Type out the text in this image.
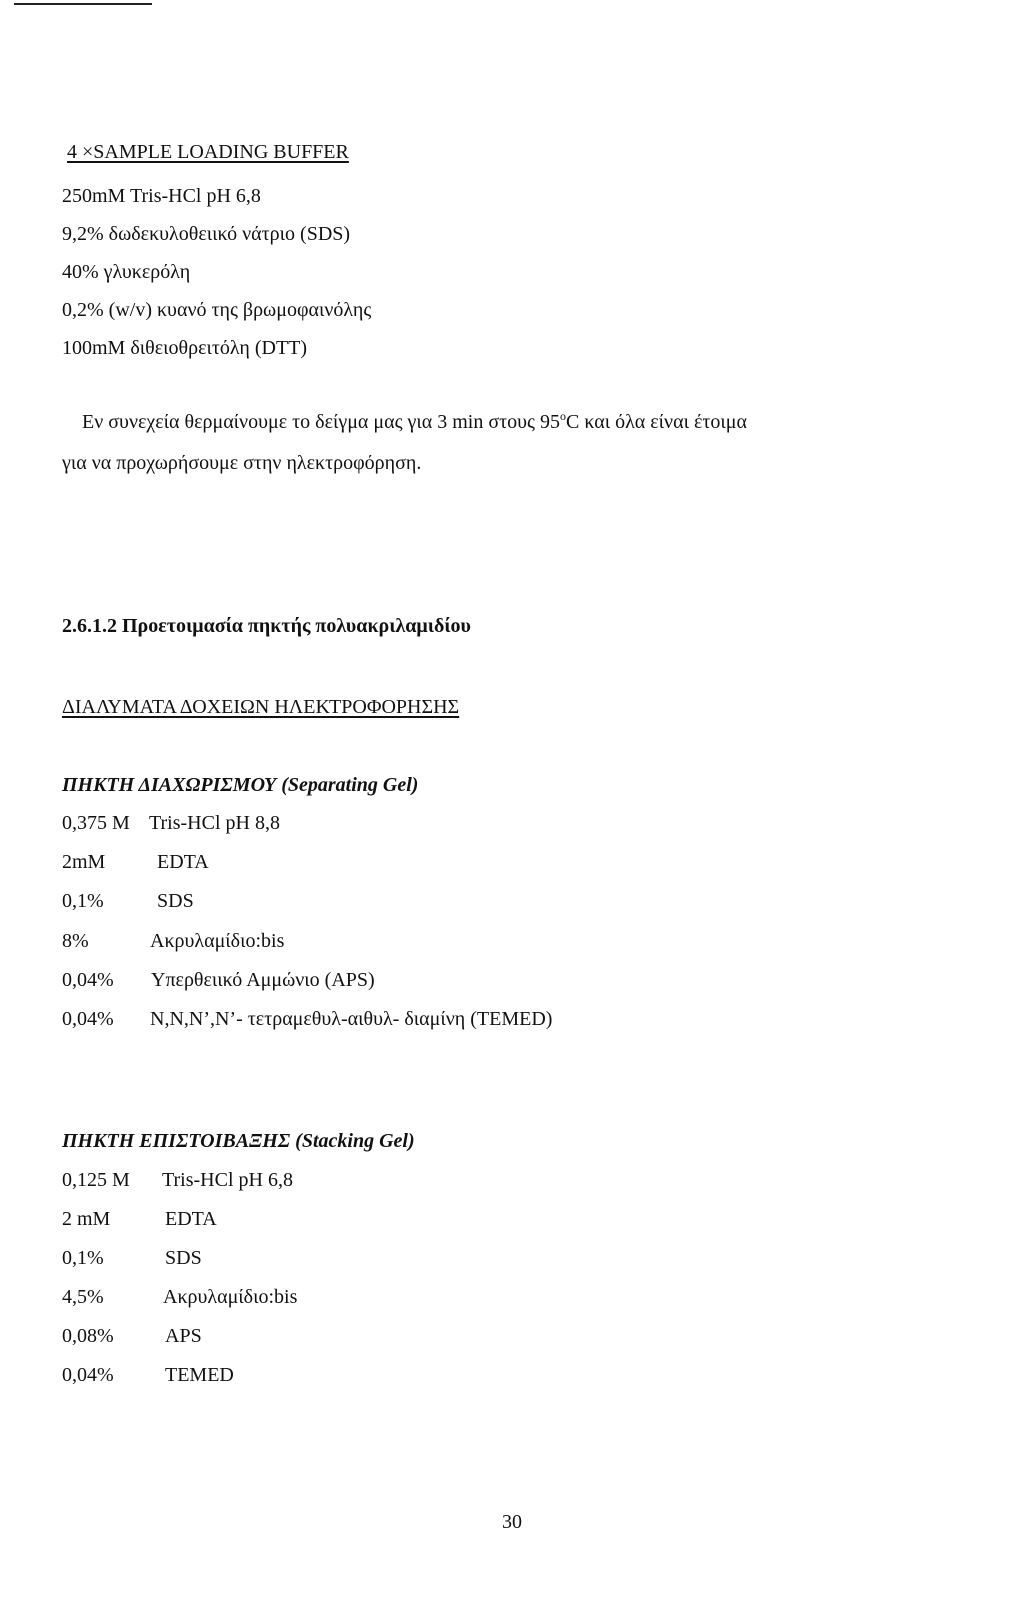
4 ×SAMPLE LOADING BUFFER
250mM Tris-HCl pH 6,8
9,2% δωδεκυλοθειικό νάτριο (SDS)
40% γλυκερόλη
0,2% (w/v) κυανό της βρωμοφαινόλης
100mM διθειοθρειτόλη (DTT)
Εν συνεχεία θερμαίνουμε το δείγμα μας για 3 min στους 95$^o$C και όλα είναι έτοιμα
για να προχωρήσουμε στην ηλεκτροφόρηση.
2.6.1.2 Προετοιμασία πηκτής πολυακριλαμιδίου
ΔΙΑΛΥΜΑΤΑ ΔΟΧΕΙΩΝ ΗΛΕΚΤΡΟΦΟΡΗΣΗΣ
ΠΗΚΤΗ ΔΙΑΧΩΡΙΣΜΟΥ (Separating Gel)
0,375 M Tris-HCl pH 8,8
2mM	EDTA
0,1%	SDS
8%	Ακρυλαμίδιο:bis
0,04% Υπερθειικό Αμμώνιο (APS)
0,04% N,N,N’,N’- τετραμεθυλ-αιθυλ- διαμίνη (TEMED)
ΠΗΚΤΗ ΕΠΙΣΤΟΙΒΑΞΗΣ (Stacking Gel)
0,125 M Tris-HCl pH 6,8
2 mM	EDTA
0,1%	SDS
4,5%	Ακρυλαμίδιο:bis
0,08%	APS
0,04%	TEMED
30
